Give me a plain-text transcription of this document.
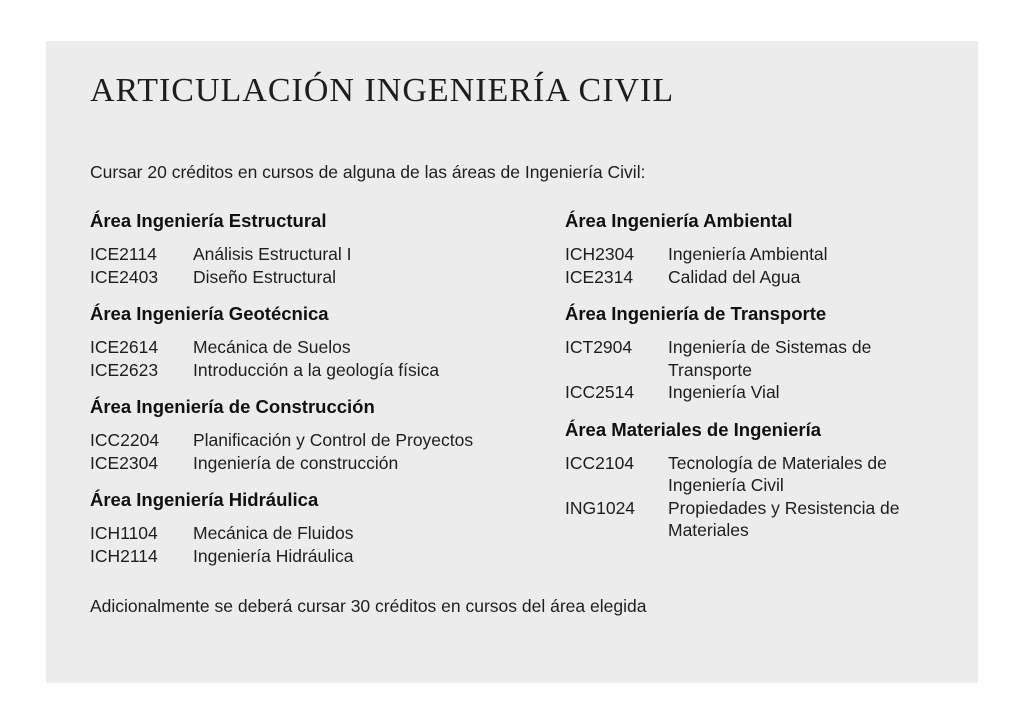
ARTICULACIÓN INGENIERÍA CIVIL

Cursar 20 créditos en cursos de alguna de las áreas de Ingeniería Civil:

Área Ingeniería Estructural
ICE2114	Análisis Estructural I
ICE2403	Diseño Estructural
Área Ingeniería Geotécnica
ICE2614	Mecánica de Suelos
ICE2623	Introducción a la geología física
Área Ingeniería de Construcción
ICC2204	Planificación y Control de Proyectos
ICE2304	Ingeniería de construcción
Área Ingeniería Hidráulica
ICH1104	Mecánica de Fluidos
ICH2114	Ingeniería Hidráulica
Área Ingeniería Ambiental
ICH2304	Ingeniería Ambiental
ICE2314	Calidad del Agua
Área Ingeniería de Transporte
ICT2904	Ingeniería de Sistemas de Transporte
ICC2514	Ingeniería Vial
Área Materiales de Ingeniería
ICC2104	Tecnología de Materiales de
Ingeniería Civil
ING1024	Propiedades y Resistencia de
Materiales

Adicionalmente se deberá cursar 30 créditos en cursos del área elegida
